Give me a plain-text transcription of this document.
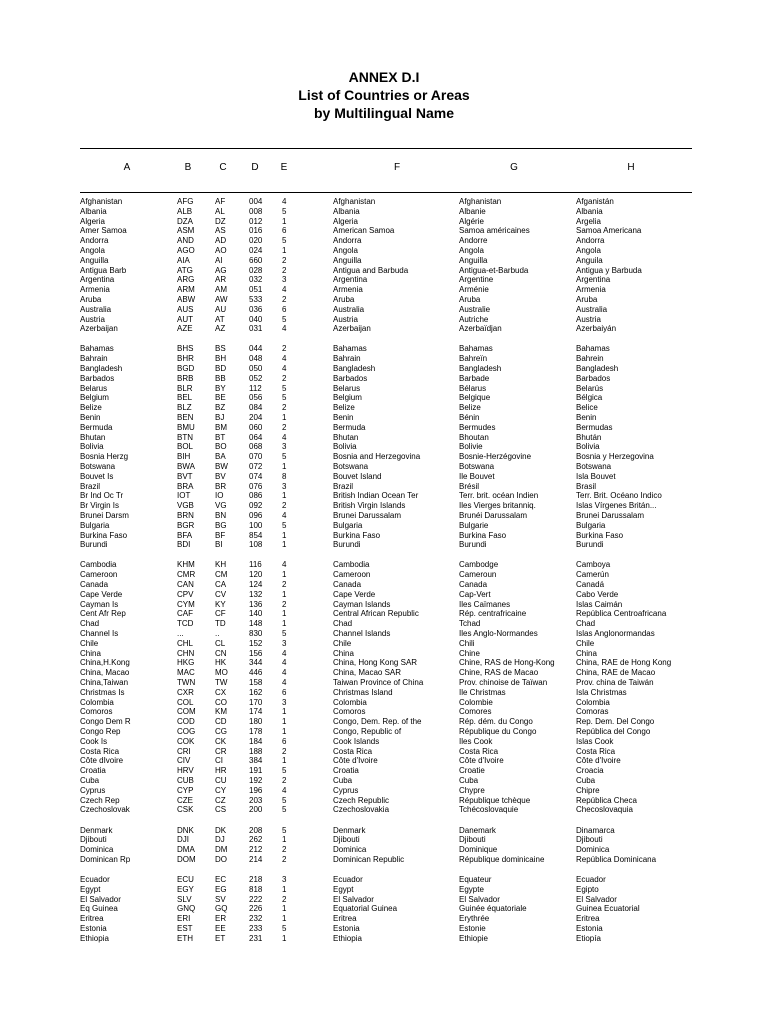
ANNEX D.I
List of Countries or Areas
by Multilingual Name
A	B	C	D	E	F	G	H
Afghanistan	AFG	AF	004	4	Afghanistan	Afghanistan	Afganistán
Albania	ALB	AL	008	5	Albania	Albanie	Albania
Algeria	DZA	DZ	012	1	Algeria	Algérie	Argelia
Amer Samoa	ASM	AS	016	6	American Samoa	Samoa américaines	Samoa Americana
Andorra	AND	AD	020	5	Andorra	Andorre	Andorra
Angola	AGO	AO	024	1	Angola	Angola	Angola
Anguilla	AIA	AI	660	2	Anguilla	Anguilla	Anguila
Antigua Barb	ATG	AG	028	2	Antigua and Barbuda	Antigua-et-Barbuda	Antigua y Barbuda
Argentina	ARG	AR	032	3	Argentina	Argentine	Argentina
Armenia	ARM	AM	051	4	Armenia	Arménie	Armenia
Aruba	ABW	AW	533	2	Aruba	Aruba	Aruba
Australia	AUS	AU	036	6	Australia	Australie	Australia
Austria	AUT	AT	040	5	Austria	Autriche	Austria
Azerbaijan	AZE	AZ	031	4	Azerbaijan	Azerbaïdjan	Azerbaiyán
Bahamas	BHS	BS	044	2	Bahamas	Bahamas	Bahamas
Bahrain	BHR	BH	048	4	Bahrain	Bahreïn	Bahrein
Bangladesh	BGD	BD	050	4	Bangladesh	Bangladesh	Bangladesh
Barbados	BRB	BB	052	2	Barbados	Barbade	Barbados
Belarus	BLR	BY	112	5	Belarus	Bélarus	Belarús
Belgium	BEL	BE	056	5	Belgium	Belgique	Bélgica
Belize	BLZ	BZ	084	2	Belize	Belize	Belice
Benin	BEN	BJ	204	1	Benin	Bénin	Benin
Bermuda	BMU	BM	060	2	Bermuda	Bermudes	Bermudas
Bhutan	BTN	BT	064	4	Bhutan	Bhoutan	Bhután
Bolivia	BOL	BO	068	3	Bolivia	Bolivie	Bolivia
Bosnia Herzg	BIH	BA	070	5	Bosnia and Herzegovina	Bosnie-Herzégovine	Bosnia y Herzegovina
Botswana	BWA	BW	072	1	Botswana	Botswana	Botswana
Bouvet Is	BVT	BV	074	8	Bouvet Island	Ile Bouvet	Isla Bouvet
Brazil	BRA	BR	076	3	Brazil	Brésil	Brasil
Br Ind Oc Tr	IOT	IO	086	1	British Indian Ocean Ter	Terr. brit. océan Indien	Terr. Brit. Océano Indico
Br Virgin Is	VGB	VG	092	2	British Virgin Islands	Iles Vierges britanniq.	Islas Vírgenes Britán...
Brunei Darsm	BRN	BN	096	4	Brunei Darussalam	Brunéi Darussalam	Brunei Darussalam
Bulgaria	BGR	BG	100	5	Bulgaria	Bulgarie	Bulgaria
Burkina Faso	BFA	BF	854	1	Burkina Faso	Burkina Faso	Burkina Faso
Burundi	BDI	BI	108	1	Burundi	Burundi	Burundi
Cambodia	KHM	KH	116	4	Cambodia	Cambodge	Camboya
Cameroon	CMR	CM	120	1	Cameroon	Cameroun	Camerún
Canada	CAN	CA	124	2	Canada	Canada	Canadá
Cape Verde	CPV	CV	132	1	Cape Verde	Cap-Vert	Cabo Verde
Cayman Is	CYM	KY	136	2	Cayman Islands	Iles Caïmanes	Islas Caimán
Cent Afr Rep	CAF	CF	140	1	Central African Republic	Rép. centrafricaine	República Centroafricana
Chad	TCD	TD	148	1	Chad	Tchad	Chad
Channel Is	...	..	830	5	Channel Islands	Iles Anglo-Normandes	Islas Anglonormandas
Chile	CHL	CL	152	3	Chile	Chili	Chile
China	CHN	CN	156	4	China	Chine	China
China,H.Kong	HKG	HK	344	4	China, Hong Kong SAR	Chine, RAS de Hong-Kong	China, RAE de Hong Kong
China, Macao	MAC	MO	446	4	China, Macao SAR	Chine, RAS de Macao	China, RAE de Macao
China,Taiwan	TWN	TW	158	4	Taiwan Province of China	Prov. chinoise de Taïwan	Prov. china de Taiwán
Christmas Is	CXR	CX	162	6	Christmas Island	Ile Christmas	Isla Christmas
Colombia	COL	CO	170	3	Colombia	Colombie	Colombia
Comoros	COM	KM	174	1	Comoros	Comores	Comoras
Congo Dem R	COD	CD	180	1	Congo, Dem. Rep. of the	Rép. dém. du Congo	Rep. Dem. Del Congo
Congo Rep	COG	CG	178	1	Congo, Republic of	République du Congo	República del Congo
Cook Is	COK	CK	184	6	Cook Islands	Iles Cook	Islas Cook
Costa Rica	CRI	CR	188	2	Costa Rica	Costa Rica	Costa Rica
Côte dIvoire	CIV	CI	384	1	Côte d'Ivoire	Côte d'Ivoire	Côte d'Ivoire
Croatia	HRV	HR	191	5	Croatia	Croatie	Croacia
Cuba	CUB	CU	192	2	Cuba	Cuba	Cuba
Cyprus	CYP	CY	196	4	Cyprus	Chypre	Chipre
Czech Rep	CZE	CZ	203	5	Czech Republic	République tchèque	República Checa
Czechoslovak	CSK	CS	200	5	Czechoslovakia	Tchécoslovaquie	Checoslovaquia
Denmark	DNK	DK	208	5	Denmark	Danemark	Dinamarca
Djibouti	DJI	DJ	262	1	Djibouti	Djibouti	Djibouti
Dominica	DMA	DM	212	2	Dominica	Dominique	Dominica
Dominican Rp	DOM	DO	214	2	Dominican Republic	République dominicaine	República Dominicana
Ecuador	ECU	EC	218	3	Ecuador	Equateur	Ecuador
Egypt	EGY	EG	818	1	Egypt	Egypte	Egipto
El Salvador	SLV	SV	222	2	El Salvador	El Salvador	El Salvador
Eq Guinea	GNQ	GQ	226	1	Equatorial Guinea	Guinée équatoriale	Guinea Ecuatorial
Eritrea	ERI	ER	232	1	Eritrea	Erythrée	Eritrea
Estonia	EST	EE	233	5	Estonia	Estonie	Estonia
Ethiopia	ETH	ET	231	1	Ethiopia	Ethiopie	Etiopía
